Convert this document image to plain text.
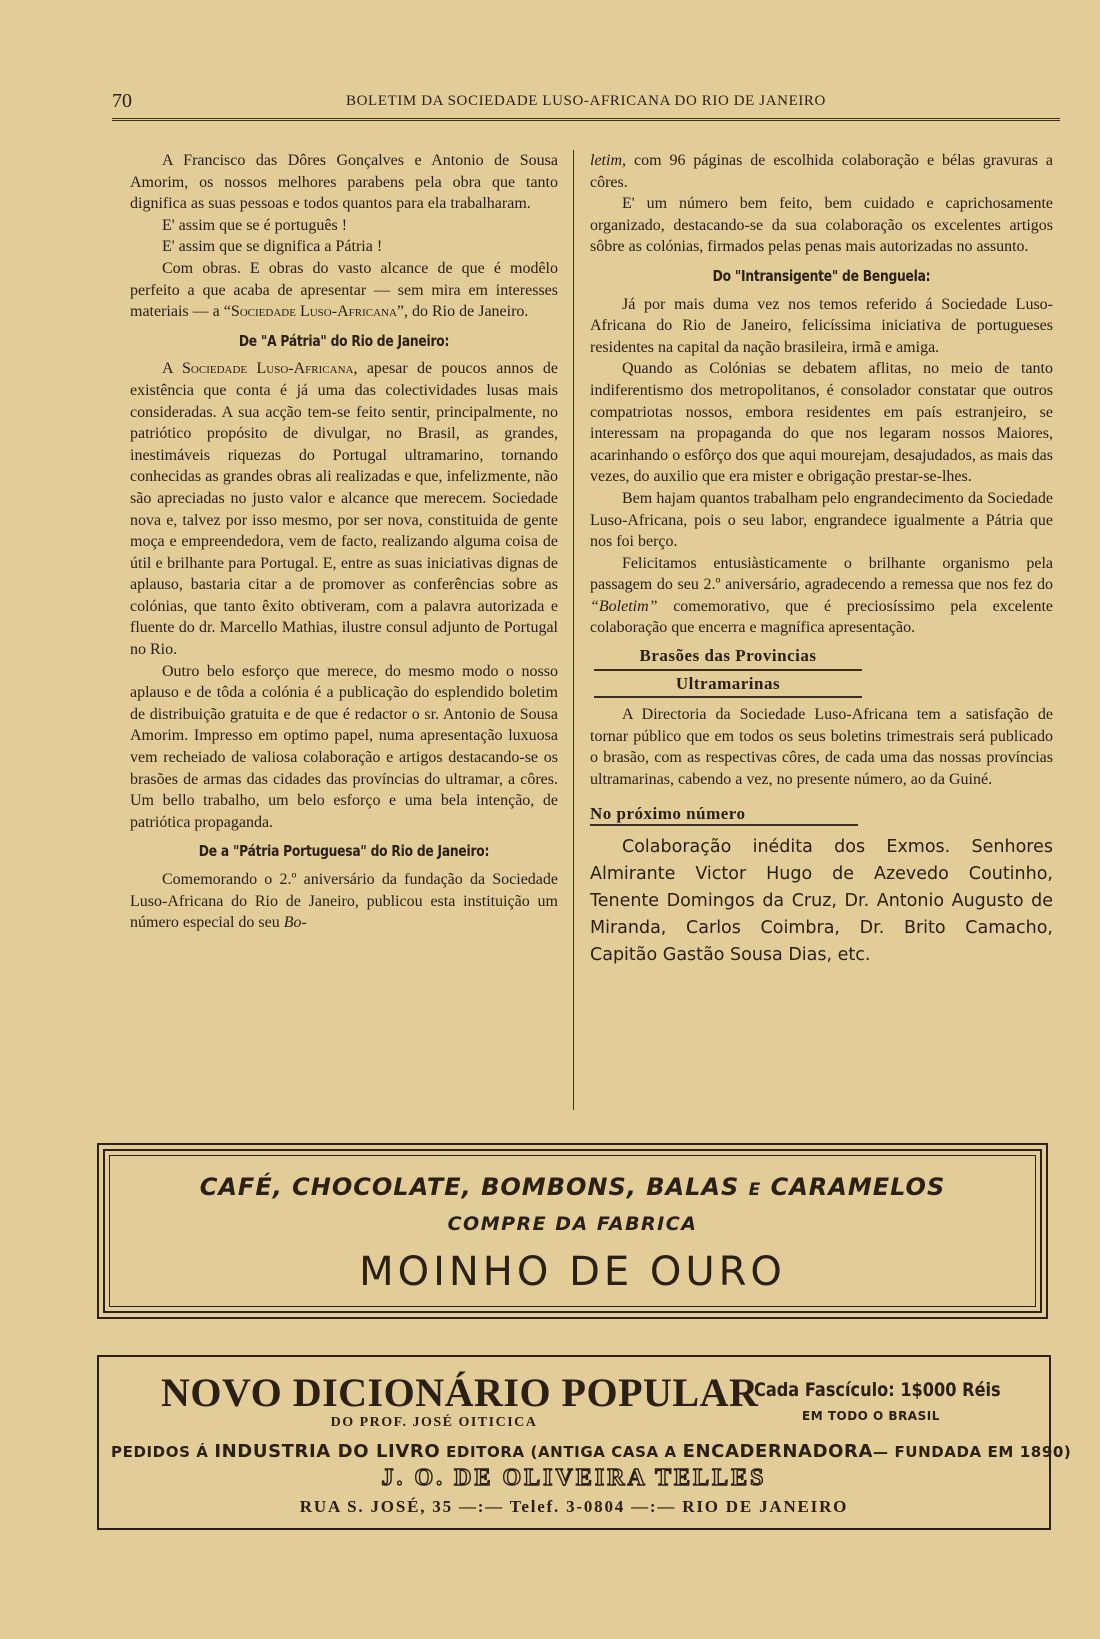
70	BOLETIM DA SOCIEDADE LUSO-AFRICANA DO RIO DE JANEIRO

A Francisco das Dôres Gonçalves e Antonio de Sousa Amorim, os nossos melhores parabens pela obra que tanto dignifica as suas pessoas e todos quantos para ela trabalharam.

E' assim que se é português !

E' assim que se dignifica a Pátria !

Com obras. E obras do vasto alcance de que é modêlo perfeito a que acaba de apresentar — sem mira em interesses materiais — a “Sociedade Luso-Africana”, do Rio de Janeiro.

De "A Pátria" do Rio de Janeiro:

A Sociedade Luso-Africana, apesar de poucos annos de existência que conta é já uma das colectividades lusas mais consideradas. A sua acção tem-se feito sentir, principalmente, no patriótico propósito de divulgar, no Brasil, as grandes, inestimáveis riquezas do Portugal ultramarino, tornando conhecidas as grandes obras ali realizadas e que, infelizmente, não são apreciadas no justo valor e alcance que merecem. Sociedade nova e, talvez por isso mesmo, por ser nova, constituida de gente moça e empreendedora, vem de facto, realizando alguma coisa de útil e brilhante para Portugal. E, entre as suas iniciativas dignas de aplauso, bastaria citar a de promover as conferências sobre as colónias, que tanto êxito obtiveram, com a palavra autorizada e fluente do dr. Marcello Mathias, ilustre consul adjunto de Portugal no Rio.

Outro belo esforço que merece, do mesmo modo o nosso aplauso e de tôda a colónia é a publicação do esplendido boletim de distribuição gratuita e de que é redactor o sr. Antonio de Sousa Amorim. Impresso em optimo papel, numa apresentação luxuosa vem recheiado de valiosa colaboração e artigos destacando-se os brasões de armas das cidades das províncias do ultramar, a côres. Um bello trabalho, um belo esforço e uma bela intenção, de patriótica propaganda.

De a "Pátria Portuguesa" do Rio de Janeiro:

Comemorando o 2.º aniversário da fundação da Sociedade Luso-Africana do Rio de Janeiro, publicou esta instituição um número especial do seu Bo-

letim, com 96 páginas de escolhida colaboração e bélas gravuras a côres.

E' um número bem feito, bem cuidado e caprichosamente organizado, destacando-se da sua colaboração os excelentes artigos sôbre as colónias, firmados pelas penas mais autorizadas no assunto.

Do "Intransigente" de Benguela:

Já por mais duma vez nos temos referido á Sociedade Luso-Africana do Rio de Janeiro, felicíssima iniciativa de portugueses residentes na capital da nação brasileira, irmã e amiga.

Quando as Colónias se debatem aflitas, no meio de tanto indiferentismo dos metropolitanos, é consolador constatar que outros compatriotas nossos, embora residentes em país estranjeiro, se interessam na propaganda do que nos legaram nossos Maiores, acarinhando o esfôrço dos que aqui mourejam, desajudados, as mais das vezes, do auxilio que era mister e obrigação prestar-se-lhes.

Bem hajam quantos trabalham pelo engrandecimento da Sociedade Luso-Africana, pois o seu labor, engrandece igualmente a Pátria que nos foi berço.

Felicitamos entusiàsticamente o brilhante organismo pela passagem do seu 2.º aniversário, agradecendo a remessa que nos fez do “Boletim” comemorativo, que é preciosíssimo pela excelente colaboração que encerra e magnífica apresentação.

Brasões das Provincias
Ultramarinas

A Directoria da Sociedade Luso-Africana tem a satisfação de tornar público que em todos os seus boletins trimestrais será publicado o brasão, com as respectivas côres, de cada uma das nossas províncias ultramarinas, cabendo a vez, no presente número, ao da Guiné.

No próximo número

Colaboração inédita dos Exmos. Senhores Almirante Victor Hugo de Azevedo Coutinho, Tenente Domingos da Cruz, Dr. Antonio Augusto de Miranda, Carlos Coimbra, Dr. Brito Camacho, Capitão Gastão Sousa Dias, etc.

CAFÉ, CHOCOLATE, BOMBONS, BALAS E CARAMELOS
COMPRE DA FABRICA
MOINHO DE OURO
NOVO DICIONÁRIO POPULAR
Cada Fascículo: 1$000 Réis
EM TODO O BRASIL
DO PROF. JOSÉ OITICICA
PEDIDOS Á INDUSTRIA DO LIVRO EDITORA (ANTIGA CASA A ENCADERNADORA— FUNDADA EM 1890)
J. O. DE OLIVEIRA TELLES
RUA S. JOSÉ, 35 —:— Telef. 3-0804 —:— RIO DE JANEIRO
